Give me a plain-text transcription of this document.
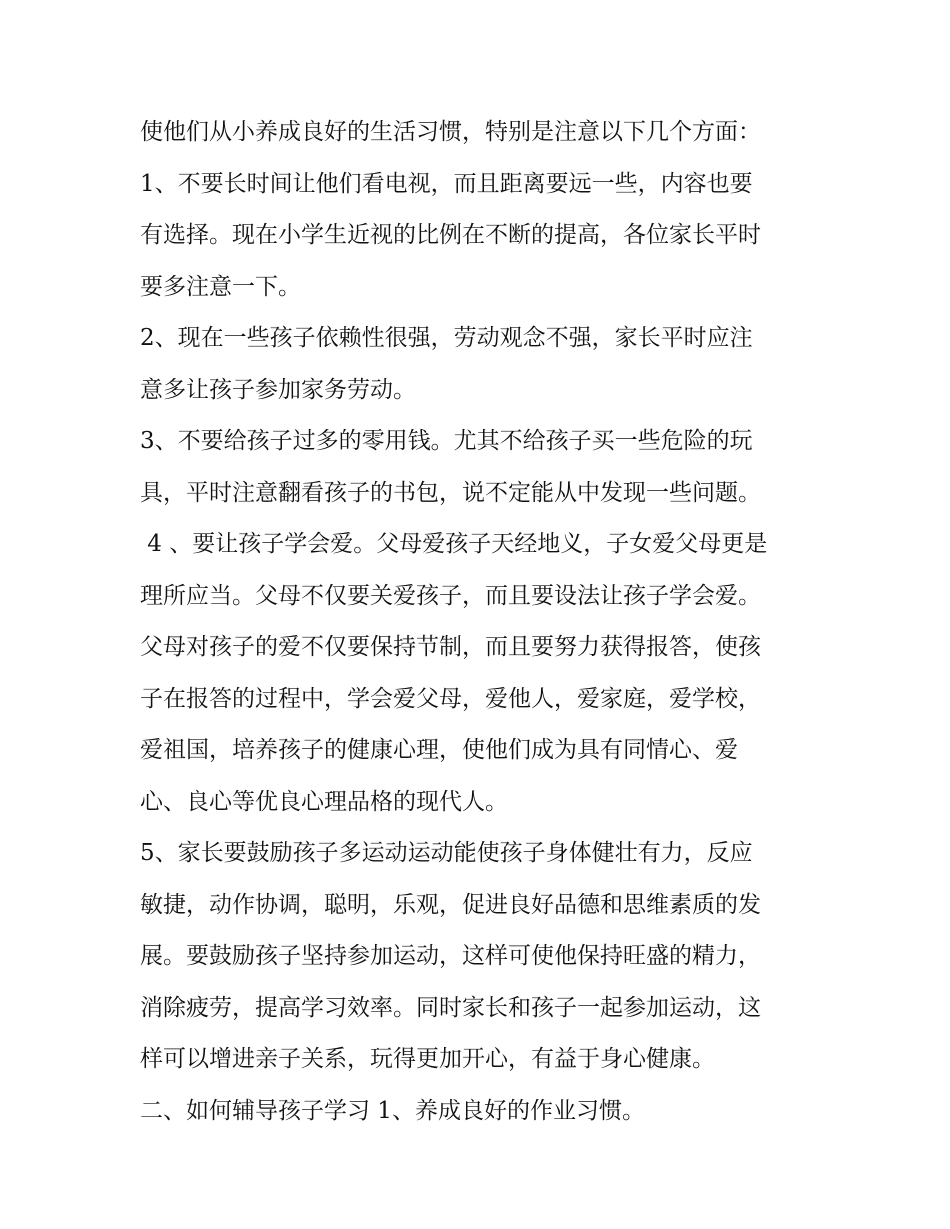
使他们从小养成良好的生活习惯，特别是注意以下几个方面：
1、不要长时间让他们看电视，而且距离要远一些，内容也要
有选择。现在小学生近视的比例在不断的提高，各位家长平时
要多注意一下。
2、现在一些孩子依赖性很强，劳动观念不强，家长平时应注
意多让孩子参加家务劳动。
3、不要给孩子过多的零用钱。尤其不给孩子买一些危险的玩
具，平时注意翻看孩子的书包，说不定能从中发现一些问题。
4 、要让孩子学会爱。父母爱孩子天经地义，子女爱父母更是
理所应当。父母不仅要关爱孩子，而且要设法让孩子学会爱。
父母对孩子的爱不仅要保持节制，而且要努力获得报答，使孩
子在报答的过程中，学会爱父母，爱他人，爱家庭，爱学校，
爱祖国，培养孩子的健康心理，使他们成为具有同情心、爱
心、良心等优良心理品格的现代人。
5、家长要鼓励孩子多运动运动能使孩子身体健壮有力，反应
敏捷，动作协调，聪明，乐观，促进良好品德和思维素质的发
展。要鼓励孩子坚持参加运动，这样可使他保持旺盛的精力，
消除疲劳，提高学习效率。同时家长和孩子一起参加运动，这
样可以增进亲子关系，玩得更加开心，有益于身心健康。
二、如何辅导孩子学习 1、养成良好的作业习惯。
